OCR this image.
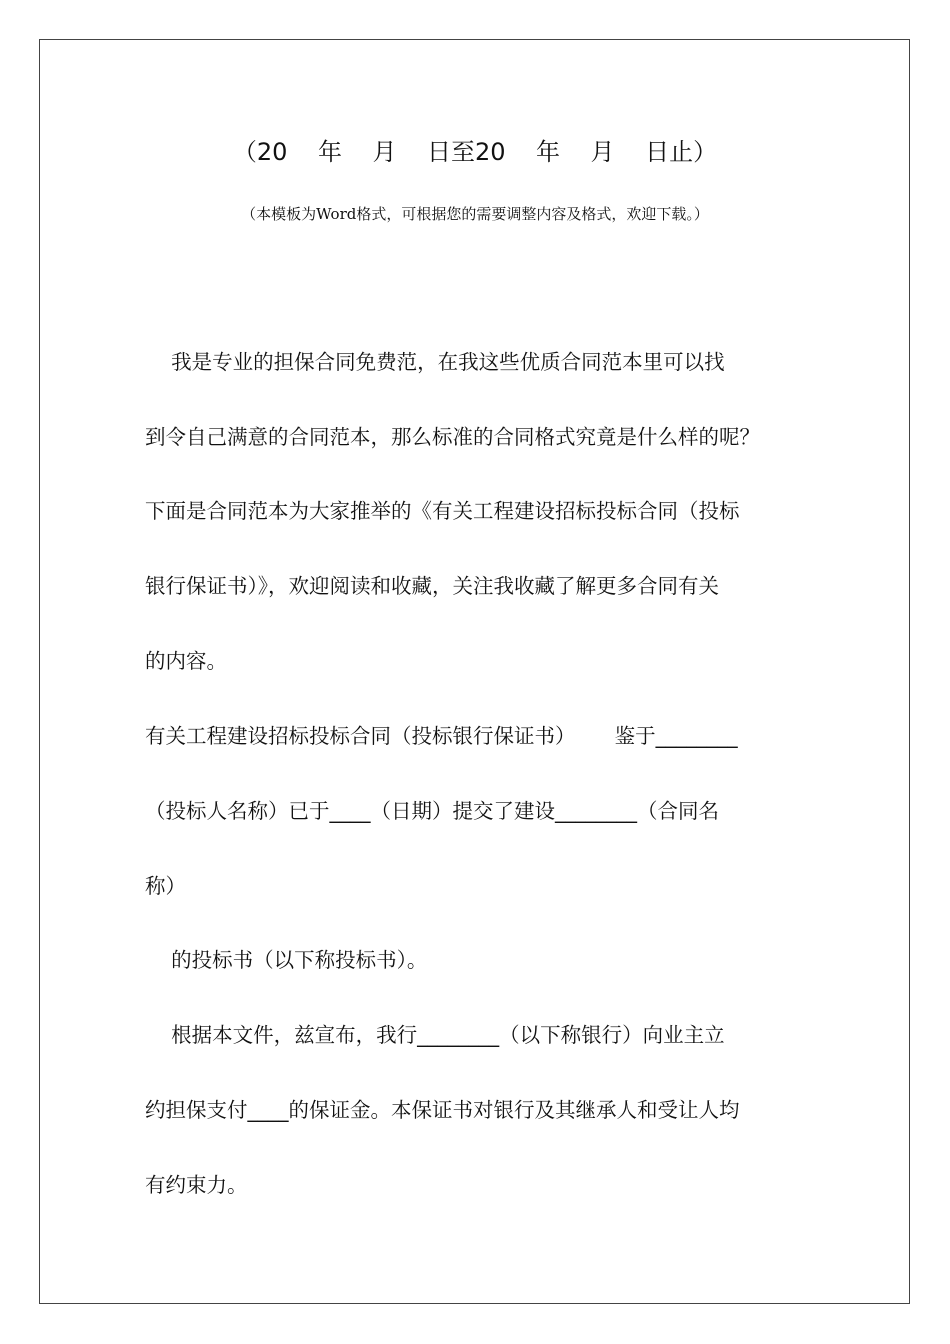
（20    年    月    日至20    年    月    日止）
（本模板为Word格式，可根据您的需要调整内容及格式，欢迎下载。）
我是专业的担保合同免费范，在我这些优质合同范本里可以找
到令自己满意的合同范本，那么标准的合同格式究竟是什么样的呢？
下面是合同范本为大家推举的《有关工程建设招标投标合同（投标
银行保证书）》，欢迎阅读和收藏，关注我收藏了解更多合同有关
的内容。
有关工程建设招标投标合同（投标银行保证书）      鉴于________
（投标人名称）已于____（日期）提交了建设________（合同名
称）
的投标书（以下称投标书）。
根据本文件，兹宣布，我行________（以下称银行）向业主立
约担保支付____的保证金。本保证书对银行及其继承人和受让人均
有约束力。
